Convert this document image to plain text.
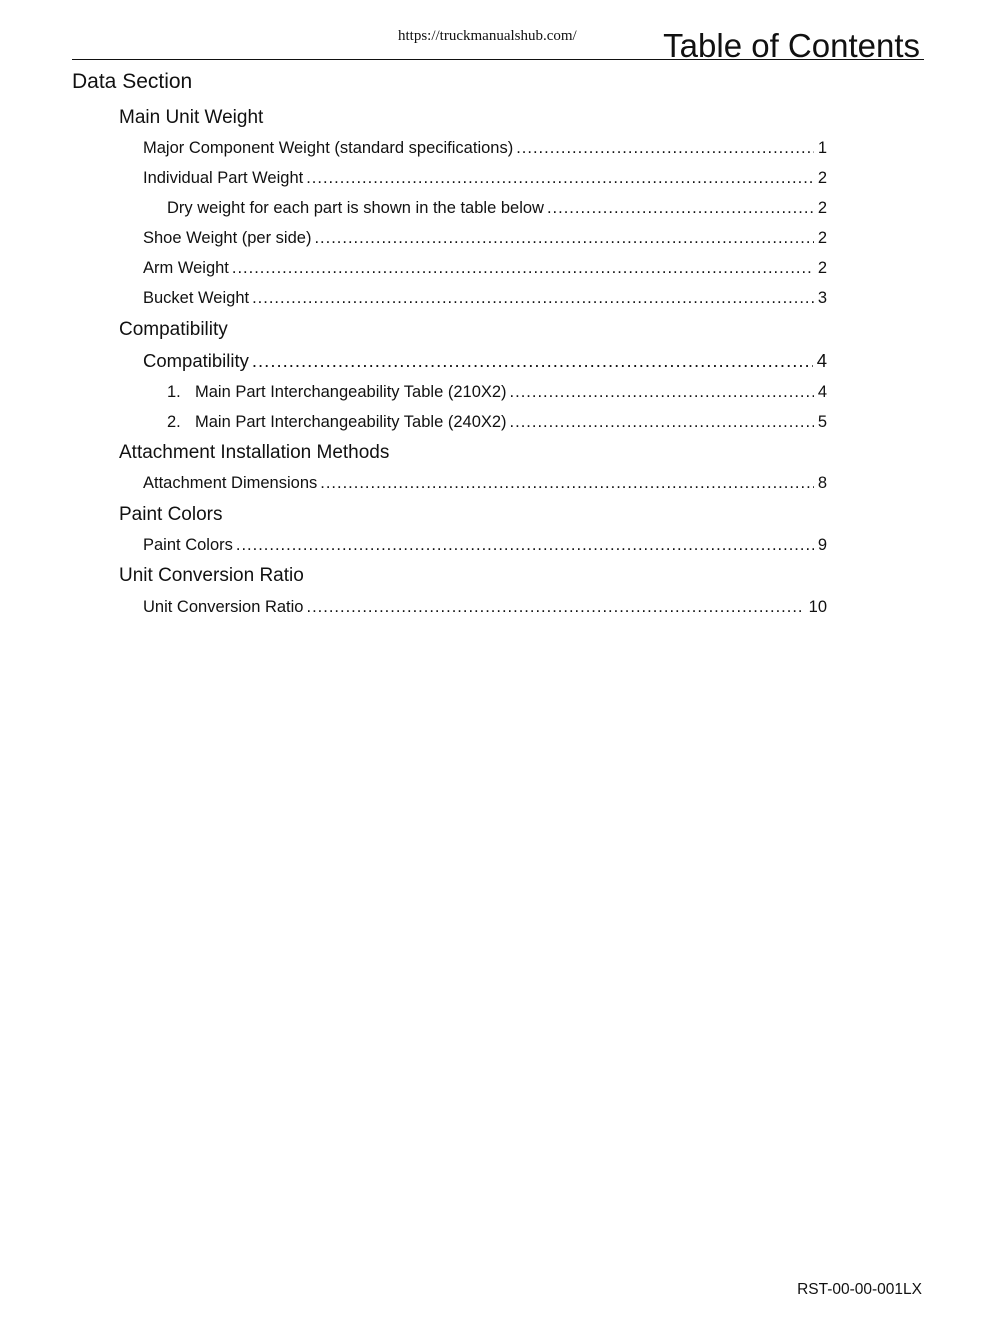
https://truckmanualshub.com/	Table of Contents
Data Section
Main Unit Weight
Major Component Weight (standard specifications) .....	1
Individual Part Weight .....	2
Dry weight for each part is shown in the table below .....	2
Shoe Weight (per side) .....	2
Arm Weight .....	2
Bucket Weight .....	3
Compatibility
Compatibility .....	4
1. Main Part Interchangeability Table (210X2) .....	4
2. Main Part Interchangeability Table (240X2) .....	5
Attachment Installation Methods
Attachment Dimensions .....	8
Paint Colors
Paint Colors .....	9
Unit Conversion Ratio
Unit Conversion Ratio .....	10
RST-00-00-001LX
